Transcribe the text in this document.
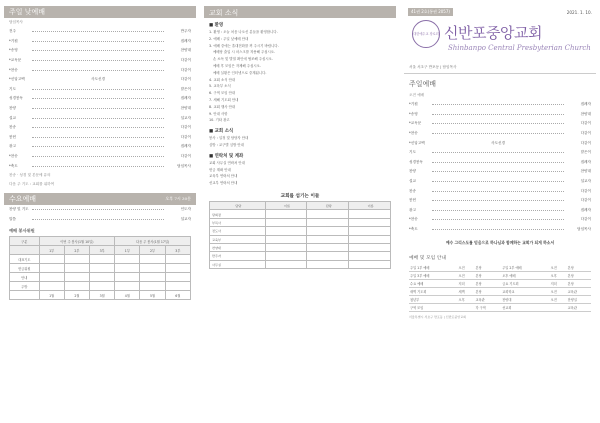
주일 낮예배
담임목사
전주	반주자
*기원	집례자
*송영	찬양대
*교독문	다같이
*찬송	다같이
*신앙고백	사도신경	다같이
기도	맡은이
성경봉독	집례자
찬양	찬양대
설교	설교자
찬송	다같이
봉헌	다같이
광고	집례자
*찬송	다같이
*축도	담임목사
찬송 · 성경 및 본문에 유의
다음 주 기도 : 교회를 위하여
수요예배	오후 7시 30분
찬양 및 기도	인도자
말씀	설교자
예배 봉사위원
구분	이번 주 봉사(1월 10일)			다음 주 봉사(1월 17일)		
	1부	2부	3부	1부	2부	3부
대표기도						
헌금위원						
안내						
주방						
	1월	2월	3월	4월	5월	6월
교회 소식
■ 환영
1. 환영 : 오늘 처음 나오신 분들을 환영합니다.
2. 예배 : 주일 낮예배 안내
3. 예배 중에는 휴대전화를 꺼 주시기 바랍니다.
예배당 출입 시 마스크를 착용해 주십시오.
손 소독 및 발열 확인에 협조해 주십시오.
예배 후 모임은 자제해 주십시오.
예배 실황은 인터넷으로 중계됩니다.
4. 교회 소식 안내
5. 교육부 소식
6. 구역 모임 안내
7. 새해 기도회 안내
8. 교회 행사 안내
9. 안내 사항
10. 기타 광고
■ 교회 소식
봉사 : 일정 및 담당자 안내
심방 : 교구별 심방 안내
■ 연락처 및 계좌
교회 사무실 연락처 안내
헌금 계좌 안내
교육부 연락처 안내
선교부 연락처 안내
교회를 섬기는 이들
담당	이름	담당	이름
당회장			
부목사			
전도사			
교육부			
찬양대			
반주자			
사무실			
41권 2호(통권 2057)	2021. 1. 10.
대한예수교 장로회 신반포중앙교회
Shinbanpo Central Presbyterian Church
서울 서초구 반포동 | 담임목사
주일예배
오전 예배
*기원	집례자
*송영	찬양대
*교독문	다같이
*찬송	다같이
*신앙고백	사도신경	다같이
기도	맡은이
성경봉독	집례자
찬양	찬양대
설교	설교자
찬송	다같이
봉헌	다같이
광고	집례자
*찬송	다같이
*축도	담임목사
예수 그리스도를 믿음으로 하나님과 함께하는 교회가 되게 하소서
예배 및 모임 안내
주일 1부 예배	오전	본당	주일 2부 예배	오전	본당
주일 3부 예배	오전	본당	오후 예배	오후	본당
수요 예배	저녁	본당	금요 기도회	저녁	본당
새벽 기도회	새벽	본당	교회학교	오전	교육관
청년부	오후	교육관	찬양대	오전	찬양실
구역 모임		각 구역	선교회		교육관
서울특별시 서초구 반포동 | 신반포중앙교회
